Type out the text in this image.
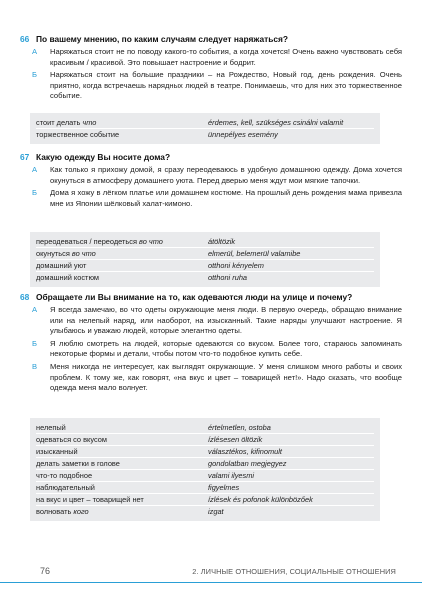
66 По вашему мнению, по каким случаям следует наряжаться?
А	Наряжаться стоит не по поводу какого-то события, а когда хочется! Очень важно чувствовать себя красивым / красивой. Это повышает настроение и бодрит.
Б	Наряжаться стоит на большие праздники – на Рождество, Новый год, день рождения. Очень приятно, когда встречаешь нарядных людей в театре. Понимаешь, что для них это торжественное событие.
стоит делать что	érdemes, kell, szükséges csinálni valamit
торжественное событие	ünnepélyes esemény
67 Какую одежду Вы носите дома?
А	Как только я прихожу домой, я сразу переодеваюсь в удобную домашнюю одежду. Дома хочется окунуться в атмосферу домашнего уюта. Перед дверью меня ждут мои мягкие тапочки.
Б	Дома я хожу в лёгком платье или домашнем костюме. На прошлый день рождения мама привезла мне из Японии шёлковый халат-кимоно.
переодеваться / переодеться во что	átöltözik
окунуться во что	elmerül, belemerül valamibe
домашний уют	otthoni kényelem
домашний костюм	otthoni ruha
68 Обращаете ли Вы внимание на то, как одеваются люди на улице и почему?
А	Я всегда замечаю, во что одеты окружающие меня люди. В первую очередь, обращаю внимание или на нелепый наряд, или наоборот, на изысканный. Такие наряды улучшают настроение. Я улыбаюсь и уважаю людей, которые элегантно одеты.
Б	Я люблю смотреть на людей, которые одеваются со вкусом. Более того, стараюсь запоминать некоторые формы и детали, чтобы потом что-то подобное купить себе.
В	Меня никогда не интересует, как выглядят окружающие. У меня слишком много работы и своих проблем. К тому же, как говорят, «на вкус и цвет – товарищей нет!». Надо сказать, что вообще одежда меня мало волнует.
нелепый	értelmetlen, ostoba
одеваться со вкусом	ízlésesen öltözik
изысканный	választékos, kifinomult
делать заметки в голове	gondolatban megjegyez
что-то подобное	valami ilyesmi
наблюдательный	figyelmes
на вкус и цвет – товарищей нет	ízlések és pofonok különbözőek
волновать кого	izgat
76	2. ЛИЧНЫЕ ОТНОШЕНИЯ, СОЦИАЛЬНЫЕ ОТНОШЕНИЯ
